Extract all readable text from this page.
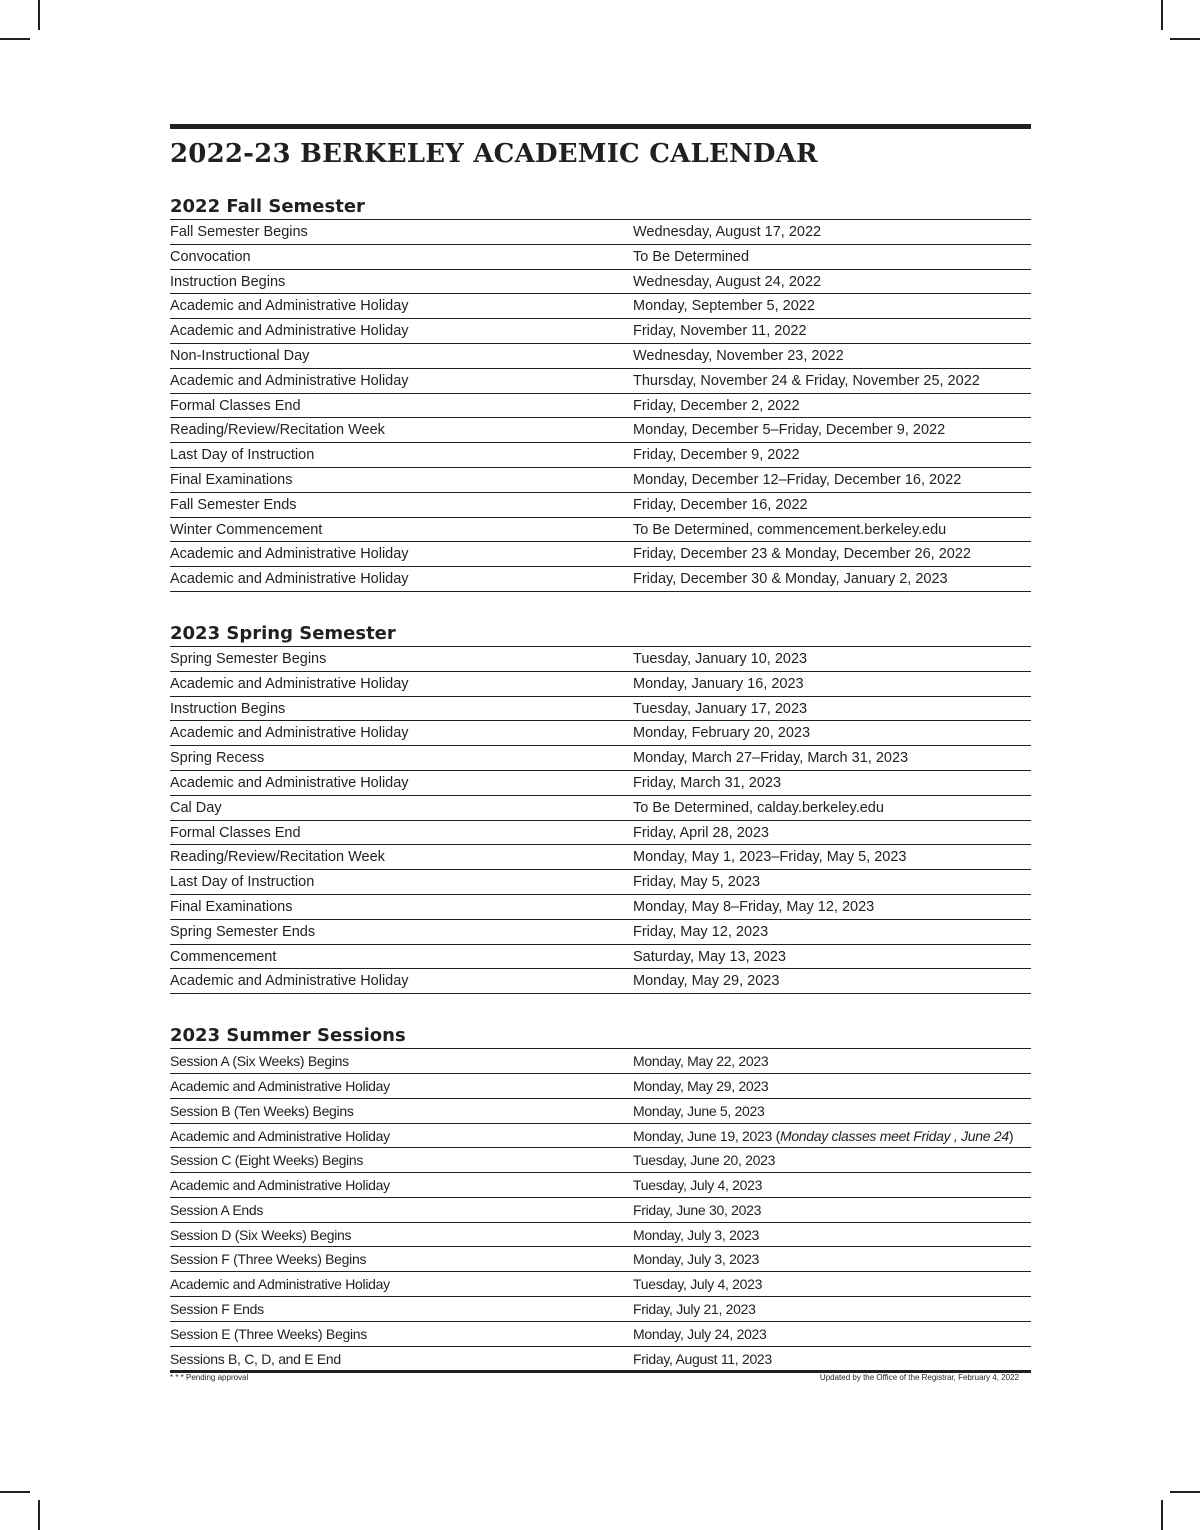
2022-23 BERKELEY ACADEMIC CALENDAR
2022 Fall Semester
Fall Semester Begins	Wednesday, August 17, 2022
Convocation	To Be Determined
Instruction Begins	Wednesday, August 24, 2022
Academic and Administrative Holiday	Monday, September 5, 2022
Academic and Administrative Holiday	Friday, November 11, 2022
Non-Instructional Day	Wednesday, November 23, 2022
Academic and Administrative Holiday	Thursday, November 24 & Friday, November 25, 2022
Formal Classes End	Friday, December 2, 2022
Reading/Review/Recitation Week	Monday, December 5–Friday, December 9, 2022
Last Day of Instruction	Friday, December 9, 2022
Final Examinations	Monday, December 12–Friday, December 16, 2022
Fall Semester Ends	Friday, December 16, 2022
Winter Commencement	To Be Determined, commencement.berkeley.edu
Academic and Administrative Holiday	Friday, December 23 & Monday, December 26, 2022
Academic and Administrative Holiday	Friday, December 30 & Monday, January 2, 2023
2023 Spring Semester
Spring Semester Begins	Tuesday, January 10, 2023
Academic and Administrative Holiday	Monday, January 16, 2023
Instruction Begins	Tuesday, January 17, 2023
Academic and Administrative Holiday	Monday, February 20, 2023
Spring Recess	Monday, March 27–Friday, March 31, 2023
Academic and Administrative Holiday	Friday, March 31, 2023
Cal Day	To Be Determined, calday.berkeley.edu
Formal Classes End	Friday, April 28, 2023
Reading/Review/Recitation Week	Monday, May 1, 2023–Friday, May 5, 2023
Last Day of Instruction	Friday, May 5, 2023
Final Examinations	Monday, May 8–Friday, May 12, 2023
Spring Semester Ends	Friday, May 12, 2023
Commencement	Saturday, May 13, 2023
Academic and Administrative Holiday	Monday, May 29, 2023
2023 Summer Sessions
Session A (Six Weeks) Begins	Monday, May 22, 2023
Academic and Administrative Holiday	Monday, May 29, 2023
Session B (Ten Weeks) Begins	Monday, June 5, 2023
Academic and Administrative Holiday	Monday, June 19, 2023 (Monday classes meet Friday , June 24)
Session C (Eight Weeks) Begins	Tuesday, June 20, 2023
Academic and Administrative Holiday	Tuesday, July 4, 2023
Session A Ends	Friday, June 30, 2023
Session D (Six Weeks) Begins	Monday, July 3, 2023
Session F (Three Weeks) Begins	Monday, July 3, 2023
Academic and Administrative Holiday	Tuesday, July 4, 2023
Session F Ends	Friday, July 21, 2023
Session E (Three Weeks) Begins	Monday, July 24, 2023
Sessions B, C, D, and E End	Friday, August 11, 2023
* * * Pending approval	Updated by the Office of the Registrar, February 4, 2022
